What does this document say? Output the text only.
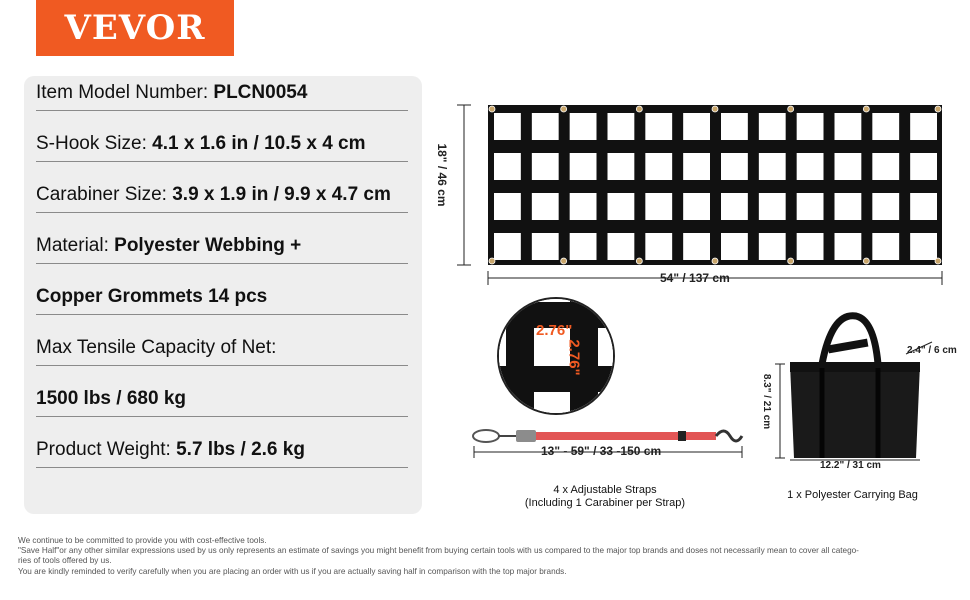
VEVOR
Item Model Number: PLCN0054
S-Hook Size: 4.1 x 1.6 in / 10.5 x 4 cm
Carabiner Size: 3.9 x 1.9 in / 9.9 x 4.7 cm
Material: Polyester Webbing +
Copper Grommets 14 pcs
Max Tensile Capacity of Net:
1500 lbs / 680 kg
Product Weight: 5.7 lbs / 2.6 kg
18" / 46 cm
54" / 137 cm
2.76"
2.76"
13" - 59" / 33 -150 cm
4 x Adjustable Straps
(Including 1 Carabiner per Strap)
8.3" / 21 cm
2.4" / 6 cm
12.2" / 31 cm
1 x Polyester Carrying Bag
We continue to be committed to provide you with cost-effective tools.
"Save Half"or any other similar expressions used by us only represents an estimate of savings you might benefit from buying certain tools with us compared to the major top brands and doses not necessarily mean to cover all catego-
ries of tools offered by us.
You are kindly reminded to verify carefully when you are placing an order with us if you are actually saving half in comparison with the top major brands.
